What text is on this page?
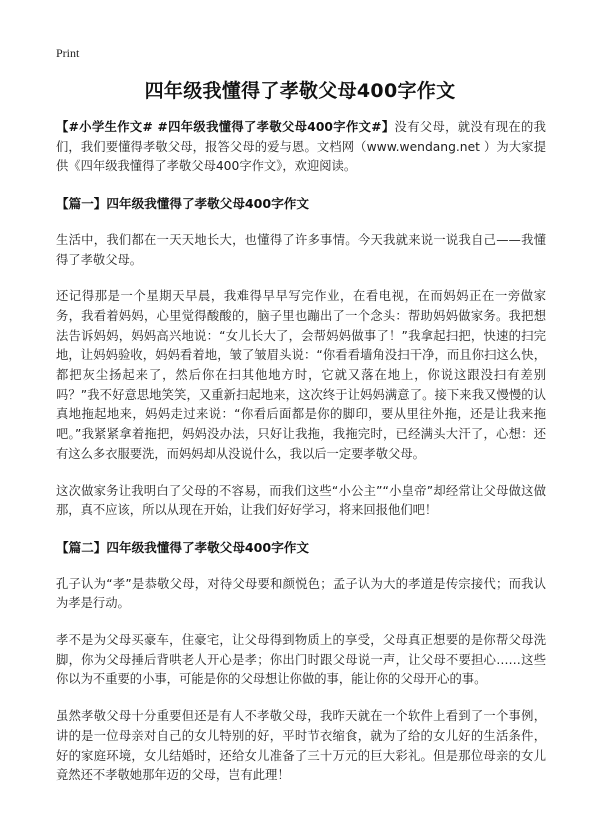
Print
四年级我懂得了孝敬父母400字作文

【#小学生作文# #四年级我懂得了孝敬父母400字作文#】没有父母，就没有现在的我们，我们要懂得孝敬父母，报答父母的爱与恩。文档网（www.wendang.net ）为大家提供《四年级我懂得了孝敬父母400字作文》，欢迎阅读。

【篇一】四年级我懂得了孝敬父母400字作文

生活中，我们都在一天天地长大，也懂得了许多事情。今天我就来说一说我自己——我懂得了孝敬父母。

还记得那是一个星期天早晨，我难得早早写完作业，在看电视，在而妈妈正在一旁做家务，我看着妈妈，心里觉得酸酸的，脑子里也蹦出了一个念头：帮助妈妈做家务。我把想法告诉妈妈，妈妈高兴地说：“女儿长大了，会帮妈妈做事了！”我拿起扫把，快速的扫完地，让妈妈验收，妈妈看着地，皱了皱眉头说：“你看看墙角没扫干净，而且你扫这么快，都把灰尘扬起来了，然后你在扫其他地方时，它就又落在地上，你说这跟没扫有差别吗？”我不好意思地笑笑，又重新扫起地来，这次终于让妈妈满意了。接下来我又慢慢的认真地拖起地来，妈妈走过来说：“你看后面都是你的脚印，要从里往外拖，还是让我来拖吧。”我紧紧拿着拖把，妈妈没办法，只好让我拖，我拖完时，已经满头大汗了，心想：还有这么多衣服要洗，而妈妈却从没说什么，我以后一定要孝敬父母。

这次做家务让我明白了父母的不容易，而我们这些“小公主”“小皇帝”却经常让父母做这做那，真不应该，所以从现在开始，让我们好好学习，将来回报他们吧！

【篇二】四年级我懂得了孝敬父母400字作文

孔子认为“孝”是恭敬父母，对待父母要和颜悦色；孟子认为大的孝道是传宗接代；而我认为孝是行动。

孝不是为父母买豪车，住豪宅，让父母得到物质上的享受，父母真正想要的是你帮父母洗脚，你为父母捶后背哄老人开心是孝；你出门时跟父母说一声，让父母不要担心……这些你以为不重要的小事，可能是你的父母想让你做的事，能让你的父母开心的事。

虽然孝敬父母十分重要但还是有人不孝敬父母，我昨天就在一个软件上看到了一个事例，讲的是一位母亲对自己的女儿特别的好，平时节衣缩食，就为了给的女儿好的生活条件，好的家庭环境，女儿结婚时，还给女儿准备了三十万元的巨大彩礼。但是那位母亲的女儿竟然还不孝敬她那年迈的父母，岂有此理！
